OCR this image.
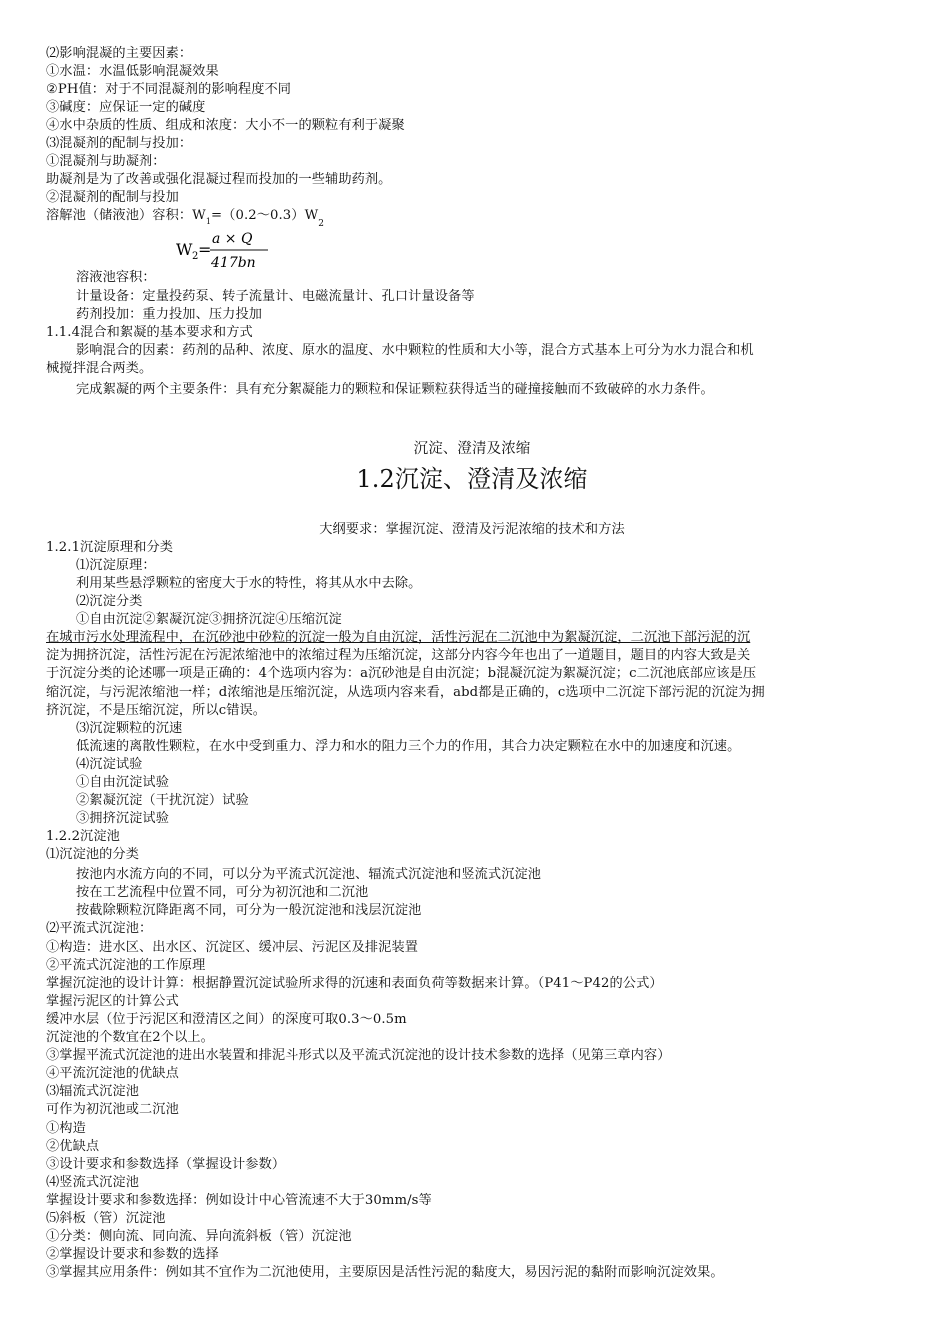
⑵影响混凝的主要因素：
①水温：水温低影响混凝效果
②PH值：对于不同混凝剂的影响程度不同
③碱度：应保证一定的碱度
④水中杂质的性质、组成和浓度：大小不一的颗粒有利于凝聚
⑶混凝剂的配制与投加：
①混凝剂与助凝剂：
助凝剂是为了改善或强化混凝过程而投加的一些辅助药剂。
②混凝剂的配制与投加
溶解池（储液池）容积：$W_1=(0.2\sim 0.3)W_2$
W 2 =
a × Q
417bn
溶液池容积：
计量设备：定量投药泵、转子流量计、电磁流量计、孔口计量设备等
药剂投加：重力投加、压力投加
1.1.4混合和絮凝的基本要求和方式
影响混合的因素：药剂的品种、浓度、原水的温度、水中颗粒的性质和大小等，混合方式基本上可分为水力混合和机
械搅拌混合两类。
完成絮凝的两个主要条件：具有充分絮凝能力的颗粒和保证颗粒获得适当的碰撞接触而不致破碎的水力条件。
沉淀、澄清及浓缩
1.2沉淀、澄清及浓缩
大纲要求：掌握沉淀、澄清及污泥浓缩的技术和方法
1.2.1沉淀原理和分类
⑴沉淀原理：
利用某些悬浮颗粒的密度大于水的特性，将其从水中去除。
⑵沉淀分类
①自由沉淀②絮凝沉淀③拥挤沉淀④压缩沉淀
在城市污水处理流程中，在沉砂池中砂粒的沉淀一般为自由沉淀，活性污泥在二沉池中为絮凝沉淀，二沉池下部污泥的沉
淀为拥挤沉淀，活性污泥在污泥浓缩池中的浓缩过程为压缩沉淀，这部分内容今年也出了一道题目，题目的内容大致是关
于沉淀分类的论述哪一项是正确的：4个选项内容为：a沉砂池是自由沉淀；b混凝沉淀为絮凝沉淀；c二沉池底部应该是压
缩沉淀，与污泥浓缩池一样；d浓缩池是压缩沉淀，从选项内容来看，abd都是正确的，c选项中二沉淀下部污泥的沉淀为拥
挤沉淀，不是压缩沉淀，所以c错误。
⑶沉淀颗粒的沉速
低流速的离散性颗粒，在水中受到重力、浮力和水的阻力三个力的作用，其合力决定颗粒在水中的加速度和沉速。
⑷沉淀试验
①自由沉淀试验
②絮凝沉淀（干扰沉淀）试验
③拥挤沉淀试验
1.2.2沉淀池
⑴沉淀池的分类
按池内水流方向的不同，可以分为平流式沉淀池、辐流式沉淀池和竖流式沉淀池
按在工艺流程中位置不同，可分为初沉池和二沉池
按截除颗粒沉降距离不同，可分为一般沉淀池和浅层沉淀池
⑵平流式沉淀池：
①构造：进水区、出水区、沉淀区、缓冲层、污泥区及排泥装置
②平流式沉淀池的工作原理
掌握沉淀池的设计计算：根据静置沉淀试验所求得的沉速和表面负荷等数据来计算。（P41～P42的公式）
掌握污泥区的计算公式
缓冲水层（位于污泥区和澄清区之间）的深度可取0.3～0.5m
沉淀池的个数宜在2个以上。
③掌握平流式沉淀池的进出水装置和排泥斗形式以及平流式沉淀池的设计技术参数的选择（见第三章内容）
④平流沉淀池的优缺点
⑶辐流式沉淀池
可作为初沉池或二沉池
①构造
②优缺点
③设计要求和参数选择（掌握设计参数）
⑷竖流式沉淀池
掌握设计要求和参数选择：例如设计中心管流速不大于30mm/s等
⑸斜板（管）沉淀池
①分类：侧向流、同向流、异向流斜板（管）沉淀池
②掌握设计要求和参数的选择
③掌握其应用条件：例如其不宜作为二沉池使用，主要原因是活性污泥的黏度大，易因污泥的黏附而影响沉淀效果。
